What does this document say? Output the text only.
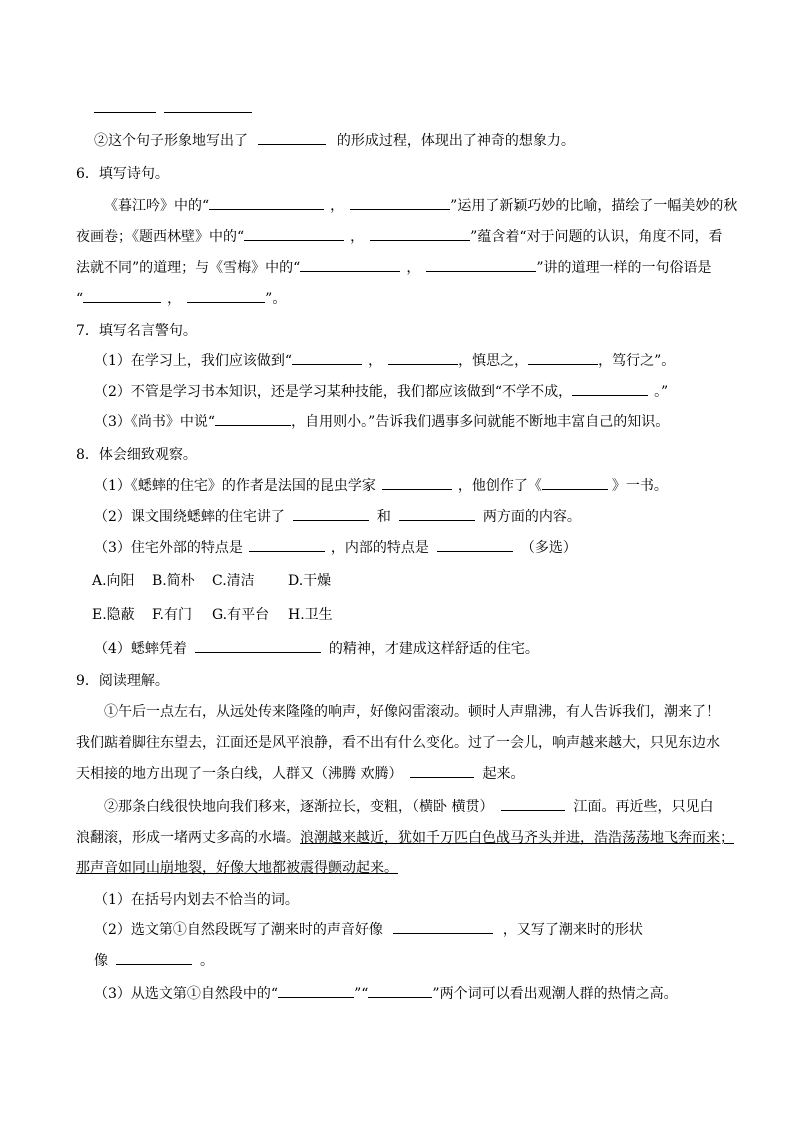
②这个句子形象地写出了	的形成过程，体现出了神奇的想象力。
6．填写诗句。
《暮江吟》中的“	，	”运用了新颖巧妙的比喻，描绘了一幅美妙的秋
夜画卷；《题西林壁》中的“	，	”蕴含着“对于问题的认识，角度不同，看
法就不同”的道理；与《雪梅》中的“	，	”讲的道理一样的一句俗语是
“	，	”。
7．填写名言警句。
（1）在学习上，我们应该做到“	，	，慎思之，	，笃行之”。
（2）不管是学习书本知识，还是学习某种技能，我们都应该做到“不学不成，	。”
（3）《尚书》中说“	，自用则小。”告诉我们遇事多问就能不断地丰富自己的知识。
8．体会细致观察。
（1）《蟋蟀的住宅》的作者是法国的昆虫学家	，他创作了《	》一书。
（2）课文围绕蟋蟀的住宅讲了	和	两方面的内容。
（3）住宅外部的特点是	，内部的特点是	（多选）
A.向阳 B.简朴 C.清洁 D.干燥
E.隐蔽 F.有门 G.有平台 H.卫生
（4）蟋蟀凭着	的精神，才建成这样舒适的住宅。
9．阅读理解。
①午后一点左右，从远处传来隆隆的响声，好像闷雷滚动。顿时人声鼎沸，有人告诉我们，潮来了！
我们踮着脚往东望去，江面还是风平浪静，看不出有什么变化。过了一会儿，响声越来越大，只见东边水
天相接的地方出现了一条白线，人群又（沸腾 欢腾）	起来。
②那条白线很快地向我们移来，逐渐拉长，变粗，（横卧 横贯）	江面。再近些，只见白
浪翻滚，形成一堵两丈多高的水墙。浪潮越来越近，犹如千万匹白色战马齐头并进，浩浩荡荡地飞奔而来；
那声音如同山崩地裂，好像大地都被震得颤动起来。
（1）在括号内划去不恰当的词。
（2）选文第①自然段既写了潮来时的声音好像	，又写了潮来时的形状
像	。
（3）从选文第①自然段中的“	”“	”两个词可以看出观潮人群的热情之高。
